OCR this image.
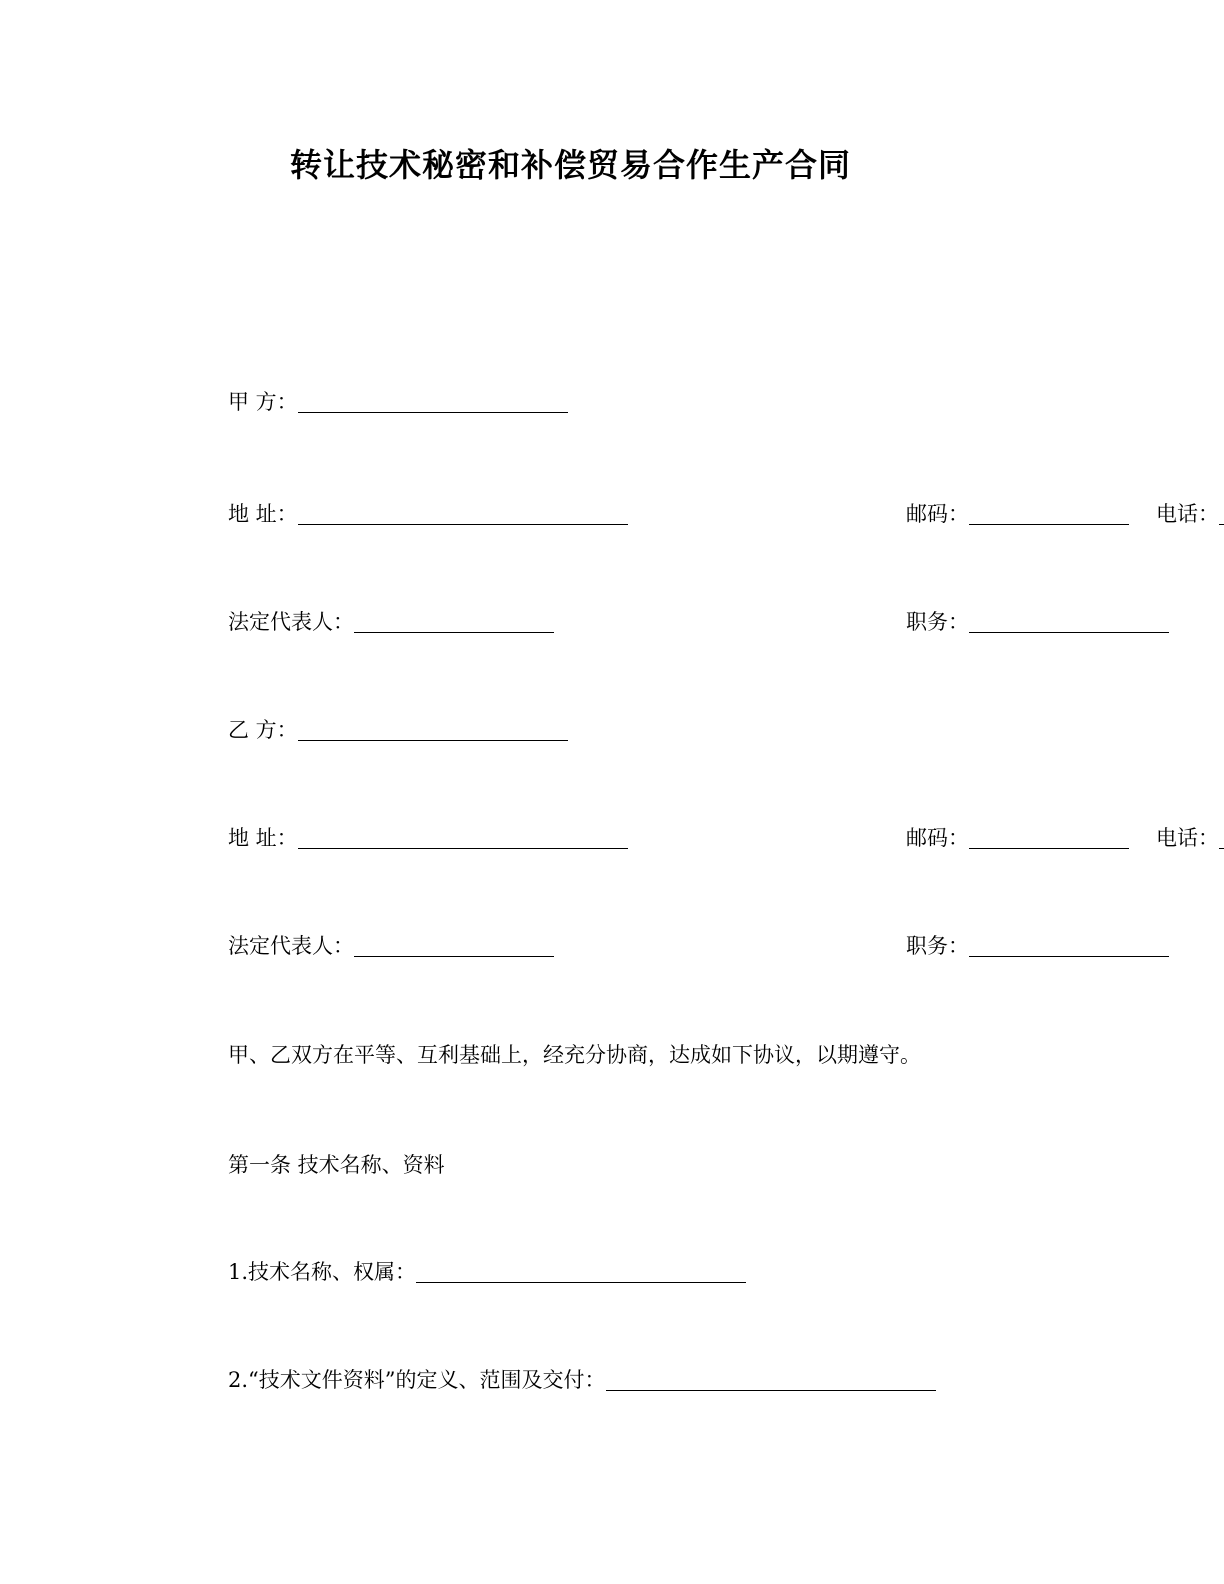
转让技术秘密和补偿贸易合作生产合同
甲 方：
地 址：	邮码：	电话：
法定代表人：	职务：
乙 方：
地 址：	邮码：	电话：
法定代表人：	职务：
甲、乙双方在平等、互利基础上，经充分协商，达成如下协议，以期遵守。
第一条 技术名称、资料
1.技术名称、权属：
2.“技术文件资料”的定义、范围及交付：
